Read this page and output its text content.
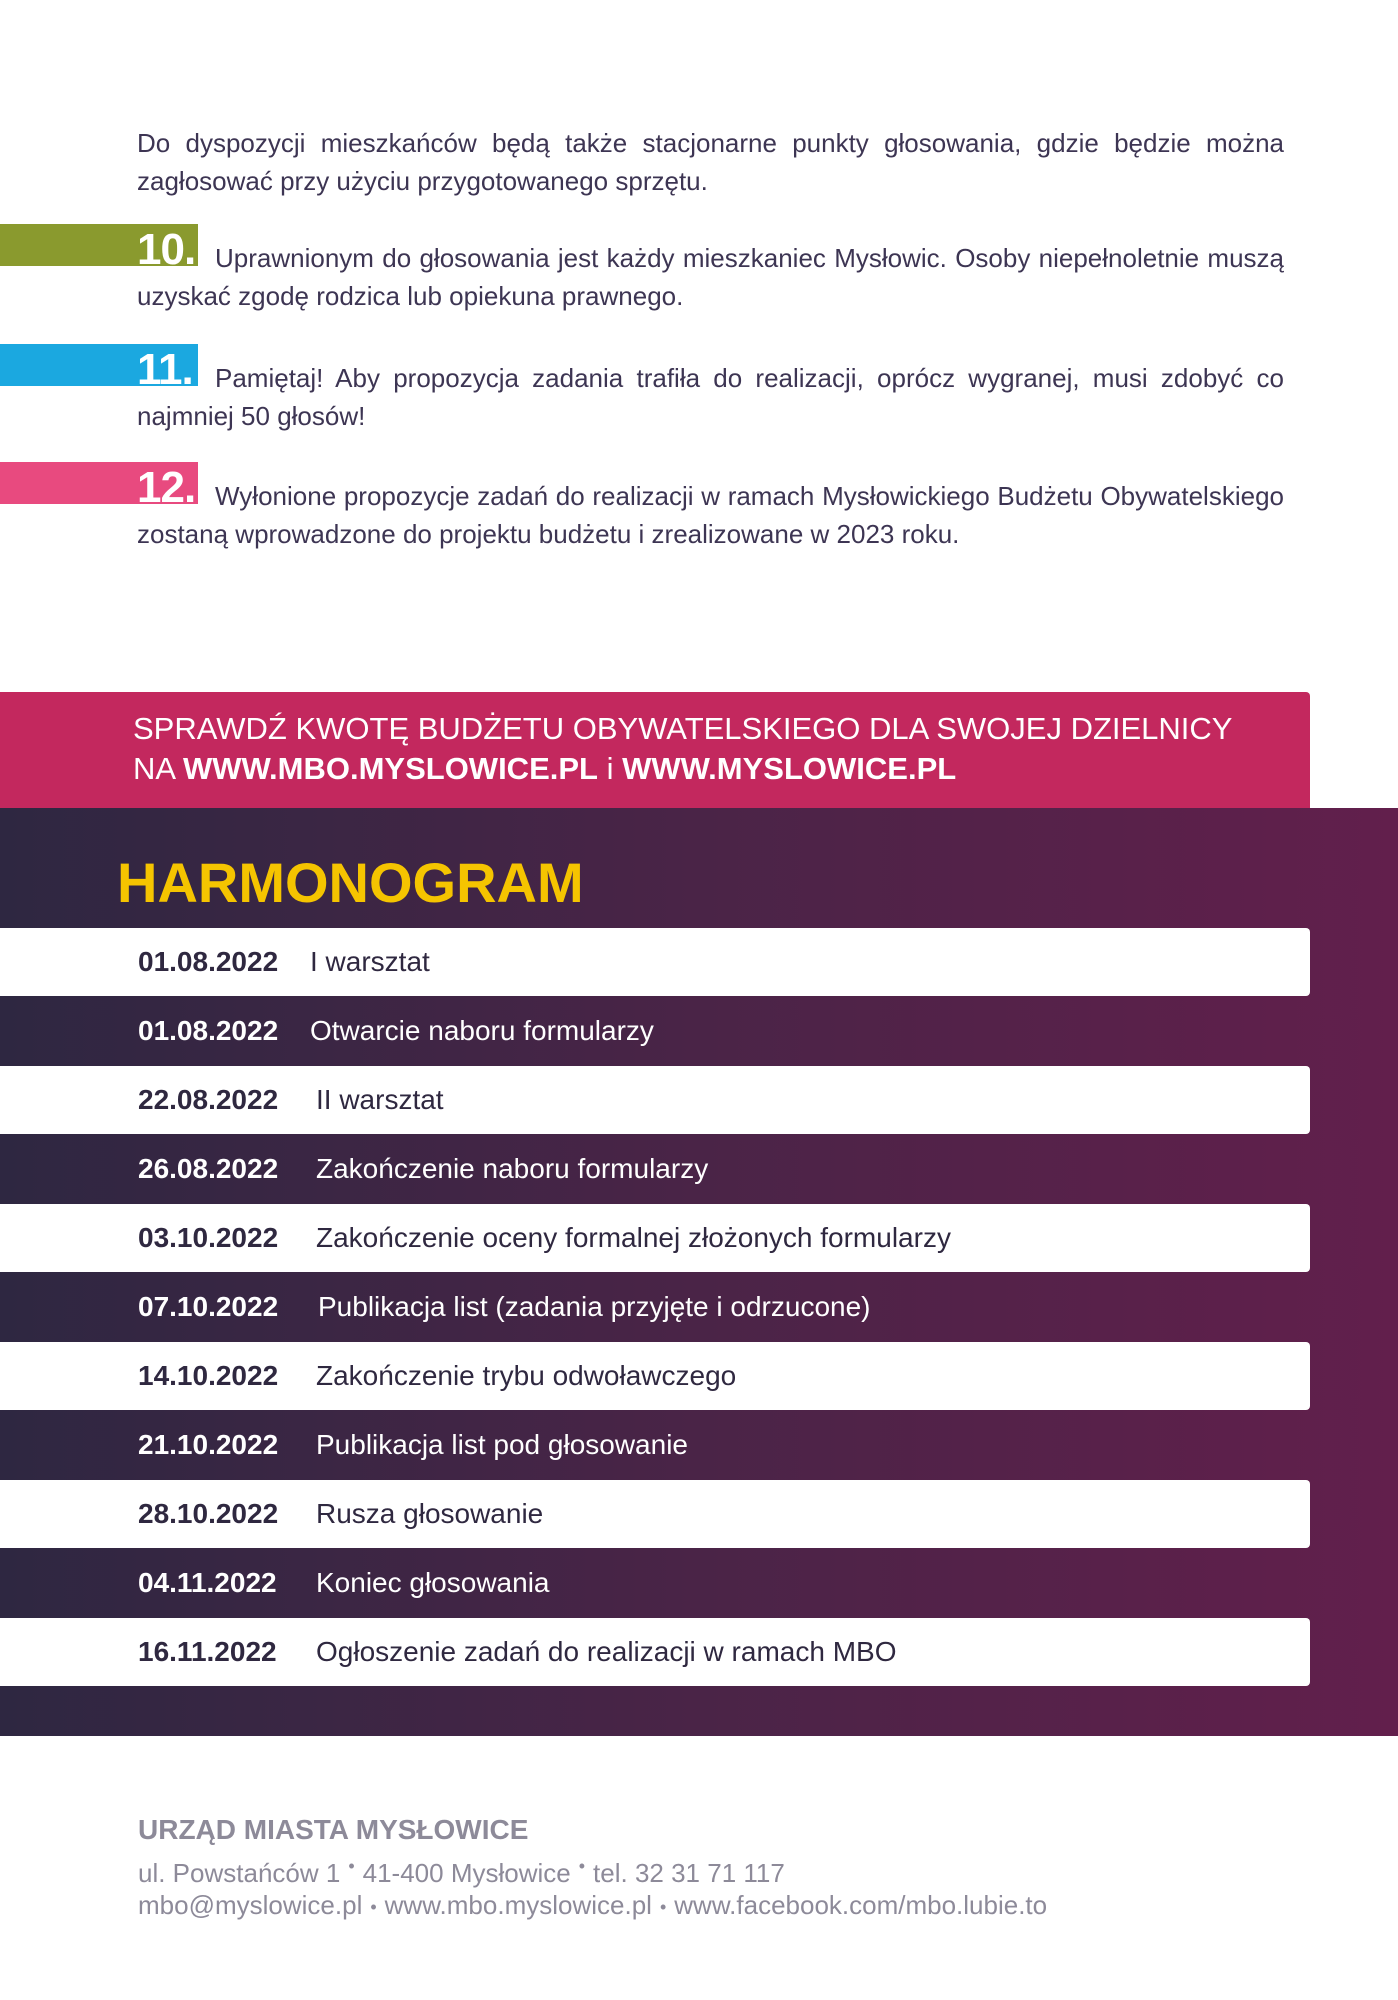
Do dyspozycji mieszkańców będą także stacjonarne punkty głosowania, gdzie będzie można zagłosować przy użyciu przygotowanego sprzętu.
10. Uprawnionym do głosowania jest każdy mieszkaniec Mysłowic. Osoby niepełnoletnie muszą uzyskać zgodę rodzica lub opiekuna prawnego.
11. Pamiętaj! Aby propozycja zadania trafiła do realizacji, oprócz wygranej, musi zdobyć co najmniej 50 głosów!
12. Wyłonione propozycje zadań do realizacji w ramach Mysłowickiego Budżetu Obywatelskiego zostaną wprowadzone do projektu budżetu i zrealizowane w 2023 roku.
SPRAWDŹ KWOTĘ BUDŻETU OBYWATELSKIEGO DLA SWOJEJ DZIELNICY
NA WWW.MBO.MYSLOWICE.PL i WWW.MYSLOWICE.PL
HARMONOGRAM
01.08.2022 I warsztat
01.08.2022 Otwarcie naboru formularzy
22.08.2022 II warsztat
26.08.2022 Zakończenie naboru formularzy
03.10.2022 Zakończenie oceny formalnej złożonych formularzy
07.10.2022 Publikacja list (zadania przyjęte i odrzucone)
14.10.2022 Zakończenie trybu odwoławczego
21.10.2022 Publikacja list pod głosowanie
28.10.2022 Rusza głosowanie
04.11.2022 Koniec głosowania
16.11.2022 Ogłoszenie zadań do realizacji w ramach MBO
URZĄD MIASTA MYSŁOWICE
ul. Powstańców 1 • 41-400 Mysłowice • tel. 32 31 71 117
mbo@myslowice.pl • www.mbo.myslowice.pl • www.facebook.com/mbo.lubie.to
